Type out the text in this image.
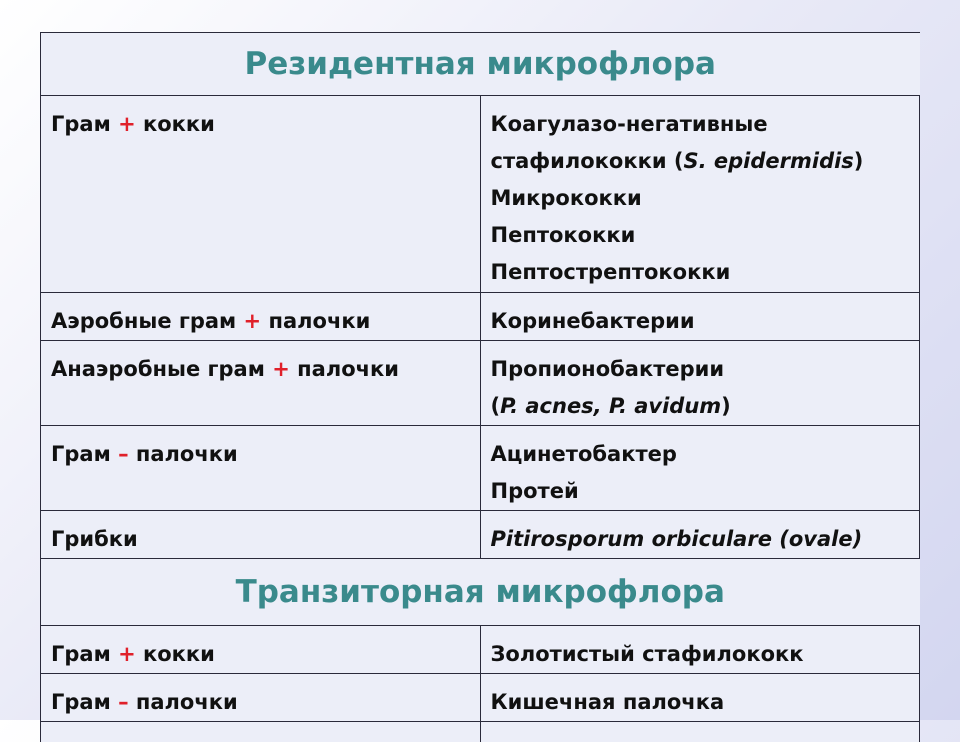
Резидентная микрофлора	
Грам + кокки	Коагулазо-негативные
стафилококки (S. epidermidis)
Микрококки
Пептококки
Пептострептококки

Аэробные грам + палочки	Коринебактерии

Анаэробные грам + палочки	Пропионобактерии
(P. acnes, P. avidum)

Грам – палочки	Ацинетобактер
Протей

Грибки	Pitirosporum orbiculare (ovale)

Транзиторная микрофлора	
Грам + кокки	Золотистый стафилококк

Грам – палочки	Кишечная палочка
